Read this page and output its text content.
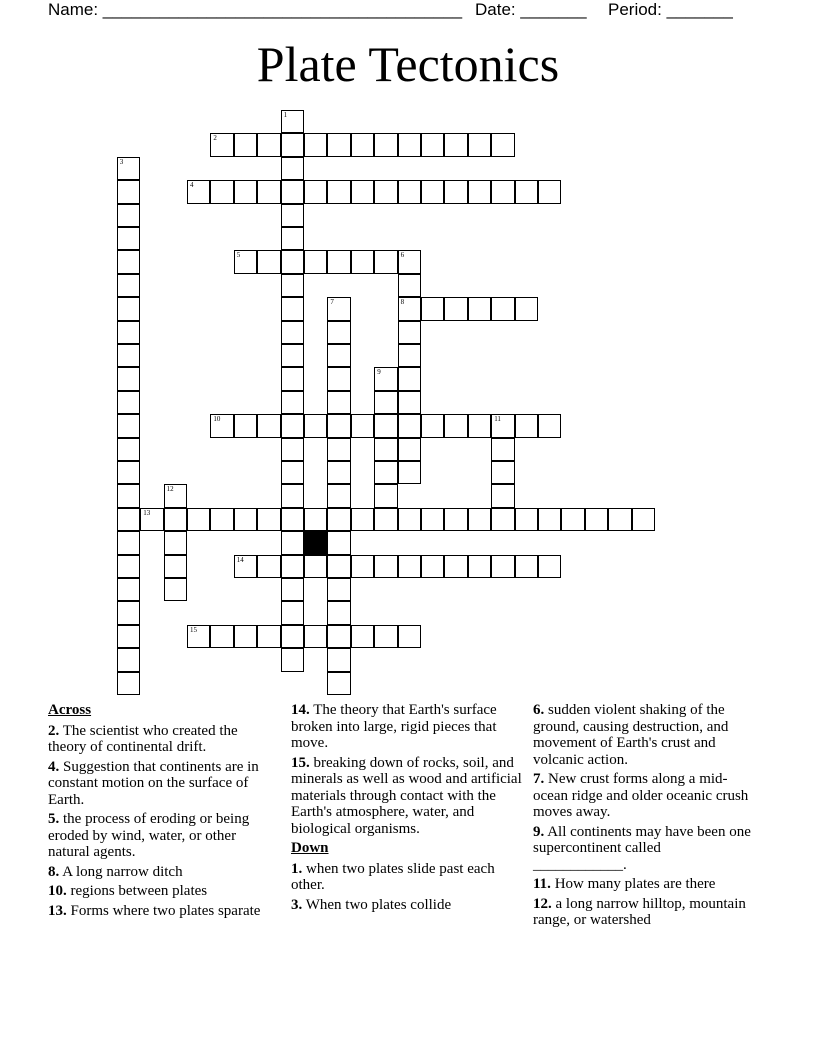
Name: ______________________________________ Date: _______ Period: _______
Plate Tectonics
1
2
3
4
5	6
8
7
9
10	11
12
13
14
15
Across
2. The scientist who created the theory of continental drift.
4. Suggestion that continents are in constant motion on the surface of Earth.
5. the process of eroding or being eroded by wind, water, or other natural agents.
8. A long narrow ditch
10. regions between plates
13. Forms where two plates sparate
14. The theory that Earth's surface broken into large, rigid pieces that move.
15. breaking down of rocks, soil, and minerals as well as wood and artificial materials through contact with the Earth's atmosphere, water, and biological organisms.
Down
1. when two plates slide past each other.
3. When two plates collide
6. sudden violent shaking of the ground, causing destruction, and movement of Earth's crust and volcanic action.
7. New crust forms along a mid-ocean ridge and older oceanic crush moves away.
9. All continents may have been one supercontinent called ____________.
11. How many plates are there
12. a long narrow hilltop, mountain range, or watershed
